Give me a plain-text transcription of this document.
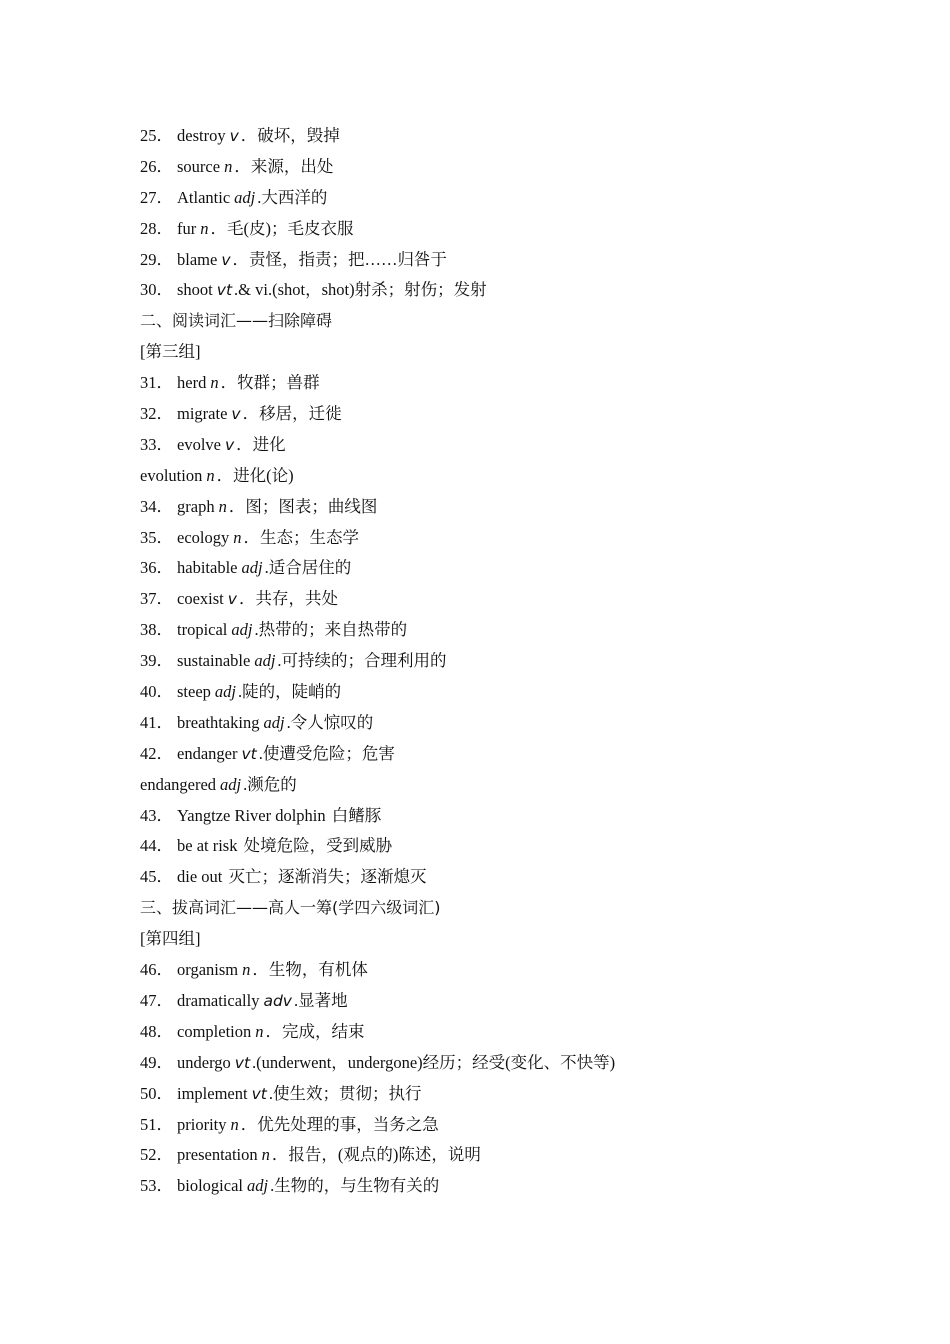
25． destroy v ．破坏，毁掉
26． source n ．来源，出处
27． Atlantic adj .大西洋的
28． fur n ．毛(皮)；毛皮衣服
29． blame v ．责怪，指责；把……归咎于
30． shoot vt .& vi.(shot，shot)射杀；射伤；发射
二、阅读词汇——扫除障碍
[第三组]
31． herd n ．牧群；兽群
32． migrate v ．移居，迁徙
33． evolve v ．进化
evolution n ．进化(论)
34． graph n ．图；图表；曲线图
35． ecology n ．生态；生态学
36． habitable adj .适合居住的
37． coexist v ．共存，共处
38． tropical adj .热带的；来自热带的
39． sustainable adj .可持续的；合理利用的
40． steep adj .陡的，陡峭的
41． breathtaking adj .令人惊叹的
42． endanger vt .使遭受危险；危害
endangered adj .濒危的
43． Yangtze River dolphin 白鳍豚
44． be at risk 处境危险，受到威胁
45． die out 灭亡；逐渐消失；逐渐熄灭
三、拔高词汇——高人一筹(学四六级词汇)
[第四组]
46． organism n ．生物，有机体
47． dramatically adv .显著地
48． completion n ．完成，结束
49． undergo vt .(underwent，undergone)经历；经受(变化、不快等)
50． implement vt .使生效；贯彻；执行
51． priority n ．优先处理的事，当务之急
52． presentation n ．报告，(观点的)陈述，说明
53． biological adj .生物的，与生物有关的
